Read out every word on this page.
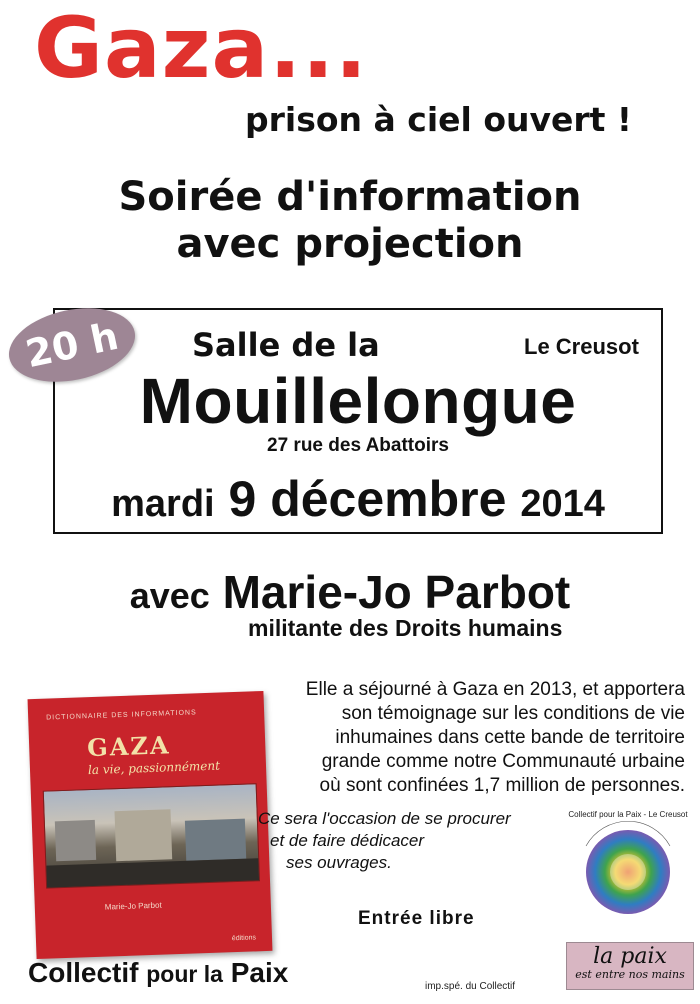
Gaza...
prison à ciel ouvert !
Soirée d'information
avec projection
20 h Salle de la	Le Creusot
Mouillelongue
27 rue des Abattoirs
mardi 9 décembre 2014
avec Marie-Jo Parbot
militante des Droits humains
DICTIONNAIRE DES INFORMATIONS
GAZA
la vie, passionnément
Marie-Jo Parbot
éditions
Elle a séjourné à Gaza en 2013, et apportera
son témoignage sur les conditions de vie
inhumaines dans cette bande de territoire
grande comme notre Communauté urbaine
où sont confinées 1,7 million de personnes.
Ce sera l'occasion de se procurer
et de faire dédicacer
ses ouvrages.
Entrée libre
Collectif pour la Paix - Le Creusot
la paix
est entre nos mains
Collectif pour la Paix	imp.spé. du Collectif
